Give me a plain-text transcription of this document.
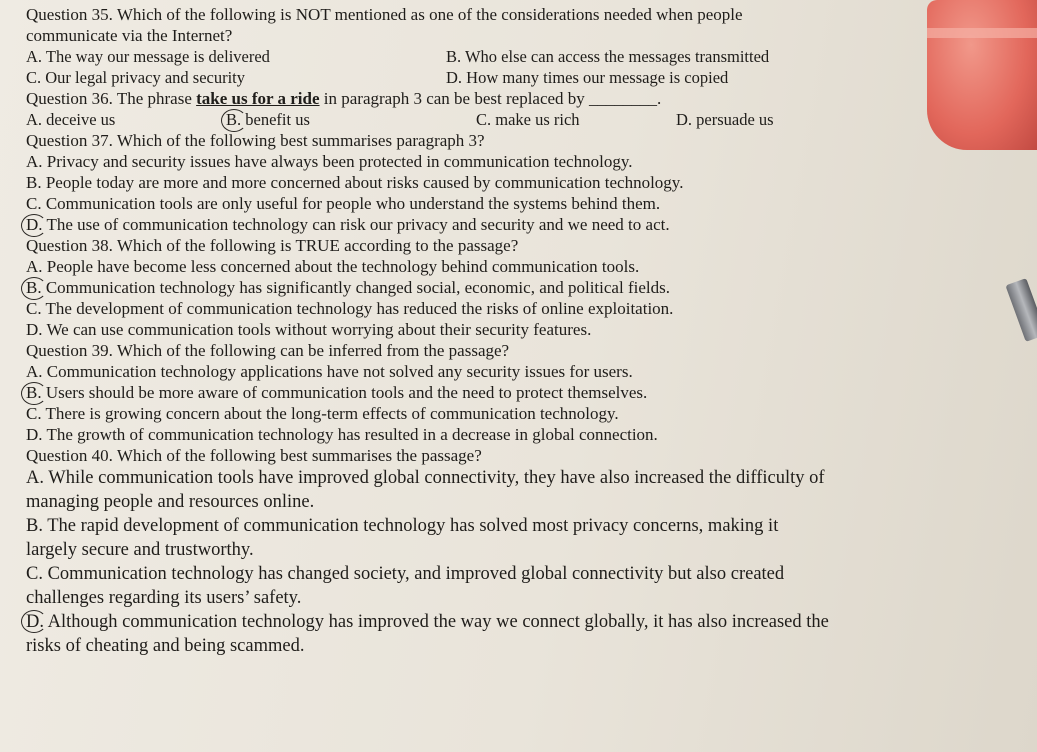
Question 35. Which of the following is NOT mentioned as one of the considerations needed when people
communicate via the Internet?
A. The way our message is delivered	B. Who else can access the messages transmitted
C. Our legal privacy and security	D. How many times our message is copied
Question 36. The phrase take us for a ride in paragraph 3 can be best replaced by ________.
A. deceive us	B. benefit us	C. make us rich	D. persuade us
Question 37. Which of the following best summarises paragraph 3?
A. Privacy and security issues have always been protected in communication technology.
B. People today are more and more concerned about risks caused by communication technology.
C. Communication tools are only useful for people who understand the systems behind them.
D. The use of communication technology can risk our privacy and security and we need to act.
Question 38. Which of the following is TRUE according to the passage?
A. People have become less concerned about the technology behind communication tools.
B. Communication technology has significantly changed social, economic, and political fields.
C. The development of communication technology has reduced the risks of online exploitation.
D. We can use communication tools without worrying about their security features.
Question 39. Which of the following can be inferred from the passage?
A. Communication technology applications have not solved any security issues for users.
B. Users should be more aware of communication tools and the need to protect themselves.
C. There is growing concern about the long-term effects of communication technology.
D. The growth of communication technology has resulted in a decrease in global connection.
Question 40. Which of the following best summarises the passage?
A. While communication tools have improved global connectivity, they have also increased the difficulty of
managing people and resources online.
B. The rapid development of communication technology has solved most privacy concerns, making it
largely secure and trustworthy.
C. Communication technology has changed society, and improved global connectivity but also created
challenges regarding its users’ safety.
D. Although communication technology has improved the way we connect globally, it has also increased the
risks of cheating and being scammed.
